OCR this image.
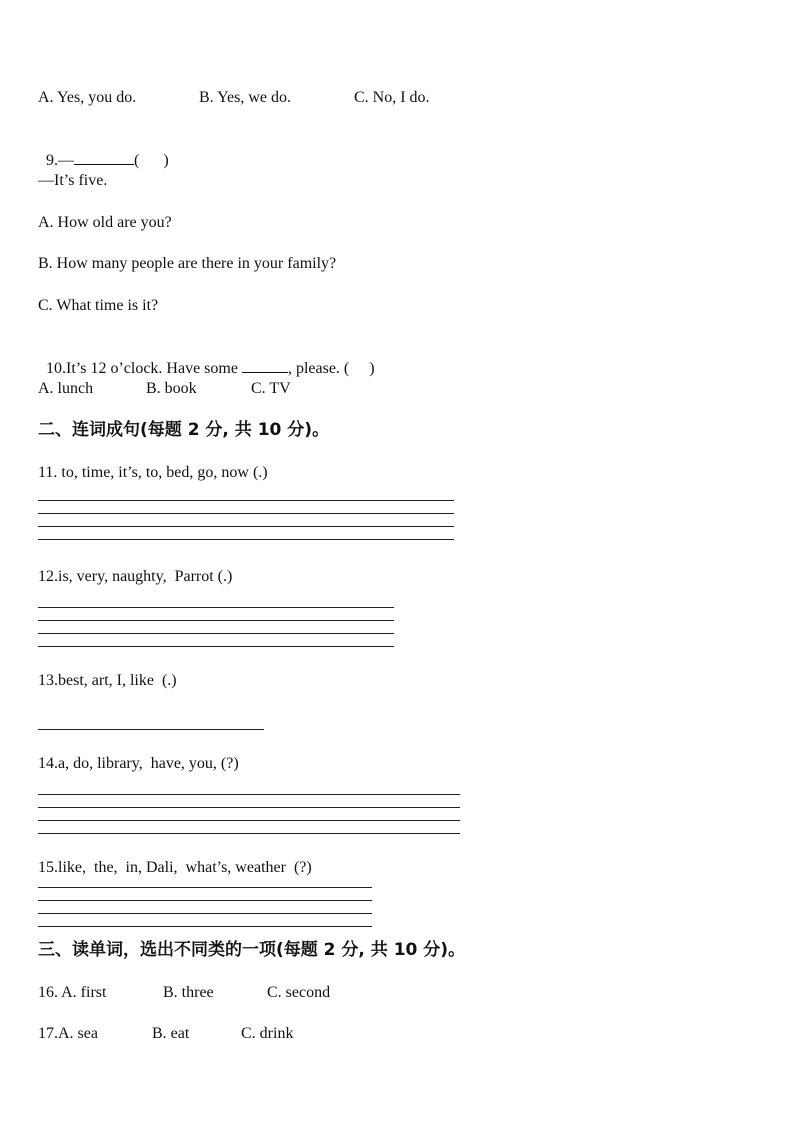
A. Yes, you do.	B. Yes, we do.	C. No, I do.

9.—	(      )

—It’s five.
A. How old are you?
B. How many people are there in your family?
C. What time is it?

10.It’s 12 o’clock. Have some	, please. (     )

A. lunch	B. book	C. TV
二、连词成句(每题 2 分, 共 10 分)。
11. to, time, it’s, to, bed, go, now (.)
12.is, very, naughty,  Parrot (.)
13.best, art, I, like  (.)
14.a, do, library,  have, you, (?)
15.like,  the,  in, Dali,  what’s, weather  (?)
三、读单词，选出不同类的一项(每题 2 分, 共 10 分)。
16. A. first	B. three	C. second
17.A. sea	B. eat	C. drink
